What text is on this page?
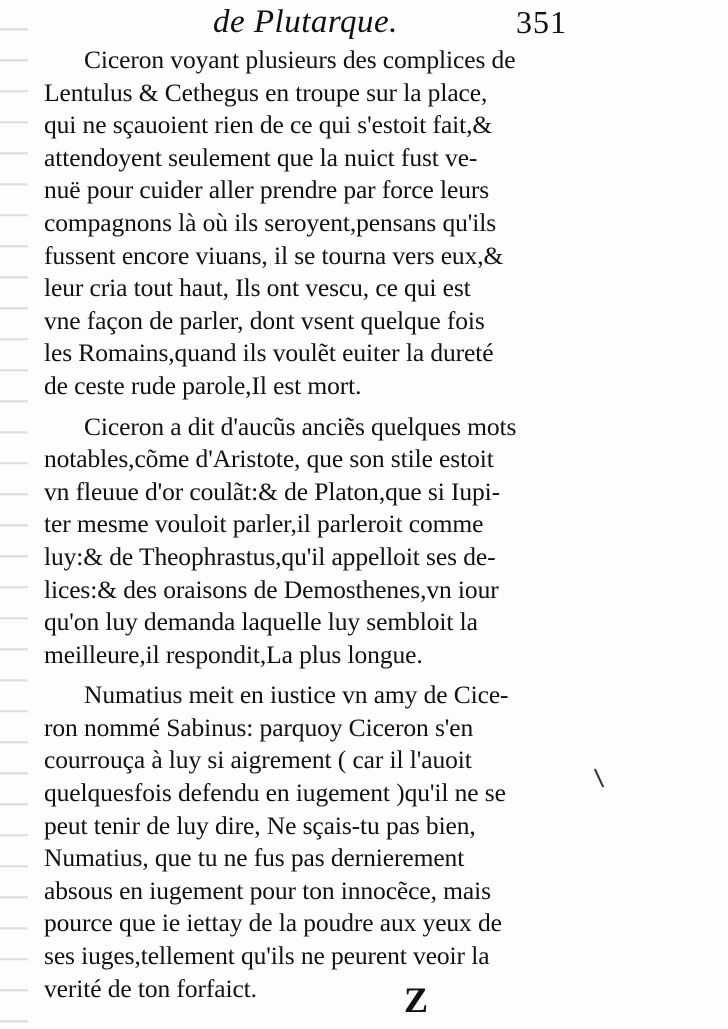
de Plutarque.	351
Ciceron voyant plusieurs des complices de
Lentulus & Cethegus en troupe sur la place,
qui ne sçauoient rien de ce qui s'estoit fait,&
attendoyent seulement que la nuict fust ve-
nuë pour cuider aller prendre par force leurs
compagnons là où ils seroyent,pensans qu'ils
fussent encore viuans, il se tourna vers eux,&
leur cria tout haut, Ils ont vescu, ce qui est
vne façon de parler, dont vsent quelque fois
les Romains,quand ils voulẽt euiter la dureté
de ceste rude parole,Il est mort.
Ciceron a dit d'aucũs anciẽs quelques mots
notables,cõme d'Aristote, que son stile estoit
vn fleuue d'or coulãt:& de Platon,que si Iupi-
ter mesme vouloit parler,il parleroit comme
luy:& de Theophrastus,qu'il appelloit ses de-
lices:& des oraisons de Demosthenes,vn iour
qu'on luy demanda laquelle luy sembloit la
meilleure,il respondit,La plus longue.
Numatius meit en iustice vn amy de Cice-
ron nommé Sabinus: parquoy Ciceron s'en
courrouça à luy si aigrement ( car il l'auoit
quelquesfois defendu en iugement )qu'il ne se
peut tenir de luy dire, Ne sçais-tu pas bien,
Numatius, que tu ne fus pas dernierement
absous en iugement pour ton innocẽce, mais
pource que ie iettay de la poudre aux yeux de
ses iuges,tellement qu'ils ne peurent veoir la
verité de ton forfaict.	Z
